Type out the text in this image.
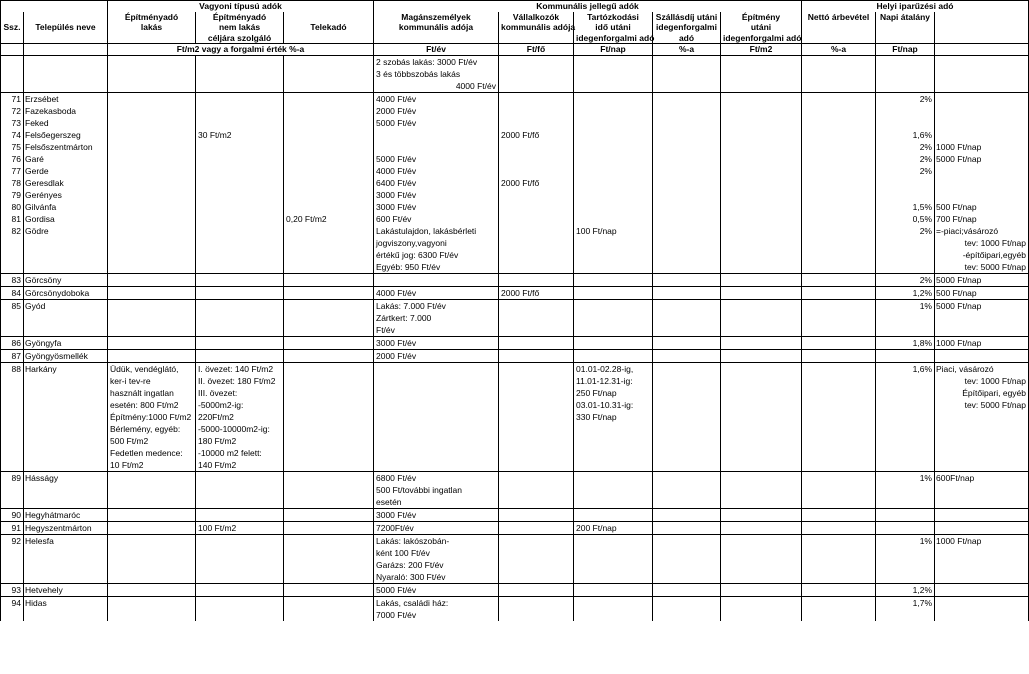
		Vagyoni típusú adók			Kommunális jellegű adók					Helyi iparűzési adó		
		Építményadó	Építményadó		Magánszemélyek	Vállalkozók	Tartózkodási	Szállásdíj utáni	Építmény	Nettó árbevétel	Napi átalány	
Ssz.	Település neve	lakás	nem lakás	Telekadó	kommunális adója	kommunális adója	idő utáni	idegenforgalmi	utáni			
			céljára szolgáló				idegenforgalmi adó	adó	idegenforgalmi adó			
		Ft/m2 vagy a forgalmi érték %-a			Ft/év	Ft/fő	Ft/nap	%-a	Ft/m2	%-a	Ft/nap	
					2 szobás lakás: 3000 Ft/év							
					3 és többszobás lakás							
					4000 Ft/év							
71	Erzsébet				4000 Ft/év						2%	
72	Fazekasboda				2000 Ft/év							
73	Feked				5000 Ft/év							
74	Felsőegerszeg		30 Ft/m2			2000 Ft/fő					1,6%	
75	Felsőszentmárton										2%	1000 Ft/nap
76	Garé				5000 Ft/év						2%	5000 Ft/nap
77	Gerde				4000 Ft/év						2%	
78	Geresdlak				6400 Ft/év	2000 Ft/fő						
79	Gerényes				3000 Ft/év							
80	Gilvánfa				3000 Ft/év						1,5%	500 Ft/nap
81	Gordisa			0,20 Ft/m2	600 Ft/év						0,5%	700 Ft/nap
82	Gödre				Lakástulajdon, lakásbérleti		100 Ft/nap				2%	=-piaci;vásározó
					jogviszony,vagyoni							tev: 1000 Ft/nap
					értékű jog: 6300 Ft/év							-építőipari,egyéb
					Egyéb: 950 Ft/év							tev: 5000 Ft/nap
83	Görcsöny										2%	5000 Ft/nap
84	Görcsönydoboka				4000 Ft/év	2000 Ft/fő					1,2%	500 Ft/nap
85	Gyód				Lakás: 7.000 Ft/év						1%	5000 Ft/nap
					Zártkert: 7.000							
					Ft/év							
86	Gyöngyfa				3000 Ft/év						1,8%	1000 Ft/nap
87	Gyöngyösmellék				2000 Ft/év							
88	Harkány	Üdük, vendéglátó,	I. övezet: 140 Ft/m2				01.01-02.28-ig,				1,6%	Piaci, vásározó
		ker-i tev-re	II. övezet: 180 Ft/m2				11.01-12.31-ig:					tev: 1000 Ft/nap
		használt ingatlan	III. övezet:				250 Ft/nap					Építőipari, egyéb
		esetén: 800 Ft/m2	-5000m2-ig:				03.01-10.31-ig:					tev: 5000 Ft/nap
		Építmény:1000 Ft/m2	220Ft/m2				330 Ft/nap					
		Bérlemény, egyéb:	-5000-10000m2-ig:									
		500 Ft/m2	180 Ft/m2									
		Fedetlen medence:	-10000 m2 felett:									
		10 Ft/m2	140 Ft/m2									
89	Hásságy				6800 Ft/év						1%	600Ft/nap
					500 Ft/további ingatlan							
					esetén							
90	Hegyhátmaróc				3000 Ft/év							
91	Hegyszentmárton		100 Ft/m2		7200Ft/év		200 Ft/nap					
92	Helesfa				Lakás: lakószobán-						1%	1000 Ft/nap
					ként 100 Ft/év							
					Garázs: 200 Ft/év							
					Nyaraló: 300 Ft/év							
93	Hetvehely				5000 Ft/év						1,2%	
94	Hidas				Lakás, családi ház:						1,7%	
					7000 Ft/év							
